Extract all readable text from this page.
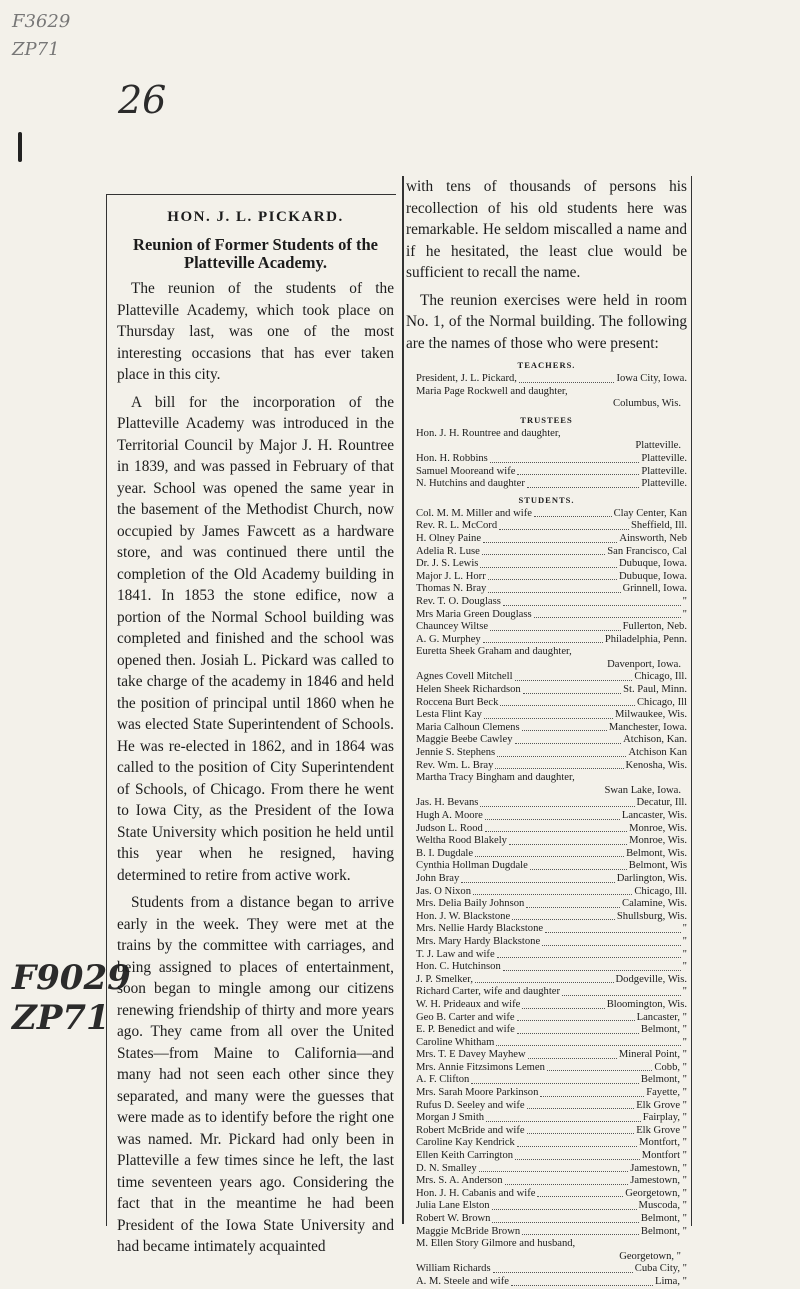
F3629
ZP71
26
F9029
ZP71
HON. J. L. PICKARD.
Reunion of Former Students of the
Platteville Academy.

The reunion of the students of the Platteville Academy, which took place on Thursday last, was one of the most interesting occasions that has ever taken place in this city.

A bill for the incorporation of the Platteville Academy was introduced in the Territorial Council by Major J. H. Rountree in 1839, and was passed in February of that year. School was opened the same year in the basement of the Methodist Church, now occupied by James Fawcett as a hardware store, and was continued there until the completion of the Old Academy building in 1841. In 1853 the stone edifice, now a portion of the Normal School building was completed and finished and the school was opened then. Josiah L. Pickard was called to take charge of the academy in 1846 and held the position of principal until 1860 when he was elected State Superintendent of Schools. He was re-elected in 1862, and in 1864 was called to the position of City Superintendent of Schools, of Chicago. From there he went to Iowa City, as the President of the Iowa State University which position he held until this year when he resigned, having determined to retire from active work.

Students from a distance began to arrive early in the week. They were met at the trains by the committee with carriages, and being assigned to places of entertainment, soon began to mingle among our citizens renewing friendship of thirty and more years ago. They came from all over the United States—from Maine to California—and many had not seen each other since they separated, and many were the guesses that were made as to identify before the right one was named. Mr. Pickard had only been in Platteville a few times since he left, the last time seventeen years ago. Considering the fact that in the meantime he had been President of the Iowa State University and had became intimately acquainted

with tens of thousands of persons his recollection of his old students here was remarkable. He seldom miscalled a name and if he hesitated, the least clue would be sufficient to recall the name.

The reunion exercises were held in room No. 1, of the Normal building. The following are the names of those who were present:

TEACHERS.
President, J. L. Pickard,	Iowa City, Iowa.
Maria Page Rockwell and daughter,
Columbus, Wis.
TRUSTEES
Hon. J. H. Rountree and daughter,
Platteville.
Hon. H. Robbins	Platteville.
Samuel Mooreand wife	Platteville.
N. Hutchins and daughter	Platteville.
STUDENTS.
Col. M. M. Miller and wife	Clay Center, Kan
Rev. R. L. McCord	Sheffield, Ill.
H. Olney Paine	Ainsworth, Neb
Adelia R. Luse	San Francisco, Cal
Dr. J. S. Lewis	Dubuque, Iowa.
Major J. L. Horr	Dubuque, Iowa.
Thomas N. Bray	Grinnell, Iowa.
Rev. T. O. Douglass	"
Mrs Maria Green Douglass	"
Chauncey Wiltse	Fullerton, Neb.
A. G. Murphey	Philadelphia, Penn.
Euretta Sheek Graham and daughter,
Davenport, Iowa.
Agnes Covell Mitchell	Chicago, Ill.
Helen Sheek Richardson	St. Paul, Minn.
Roccena Burt Beck	Chicago, Ill
Lesta Flint Kay	Milwaukee, Wis.
Maria Calhoun Clemens	Manchester, Iowa.
Maggie Beebe Cawley	Atchison, Kan.
Jennie S. Stephens	Atchison Kan
Rev. Wm. L. Bray	Kenosha, Wis.
Martha Tracy Bingham and daughter,
Swan Lake, Iowa.
Jas. H. Bevans	Decatur, Ill.
Hugh A. Moore	Lancaster, Wis.
Judson L. Rood	Monroe, Wis.
Weltha Rood Blakely	Monroe, Wis.
B. I. Dugdale	Belmont, Wis.
Cynthia Hollman Dugdale	Belmont, Wis
John Bray	Darlington, Wis.
Jas. O Nixon	Chicago, Ill.
Mrs. Delia Baily Johnson	Calamine, Wis.
Hon. J. W. Blackstone	Shullsburg, Wis.
Mrs. Nellie Hardy Blackstone	"
Mrs. Mary Hardy Blackstone	"
T. J. Law and wife	"
Hon. C. Hutchinson	"
J. P. Smelker,	Dodgeville, Wis.
Richard Carter, wife and daughter	"
W. H. Prideaux and wife	Bloomington, Wis.
Geo B. Carter and wife	Lancaster, "
E. P. Benedict and wife	Belmont, "
Caroline Whitham	"
Mrs. T. E Davey Mayhew	Mineral Point, "
Mrs. Annie Fitzsimons Lemen	Cobb, "
A. F. Clifton	Belmont, "
Mrs. Sarah Moore Parkinson	Fayette, "
Rufus D. Seeley and wife	Elk Grove "
Morgan J Smith	Fairplay, "
Robert McBride and wife	Elk Grove "
Caroline Kay Kendrick	Montfort, "
Ellen Keith Carrington	Montfort "
D. N. Smalley	Jamestown, "
Mrs. S. A. Anderson	Jamestown, "
Hon. J. H. Cabanis and wife	Georgetown, "
Julia Lane Elston	Muscoda, "
Robert W. Brown	Belmont, "
Maggie McBride Brown	Belmont, "
M. Ellen Story Gilmore and husband,
Georgetown, "
William Richards	Cuba City, "
A. M. Steele and wife	Lima, "
